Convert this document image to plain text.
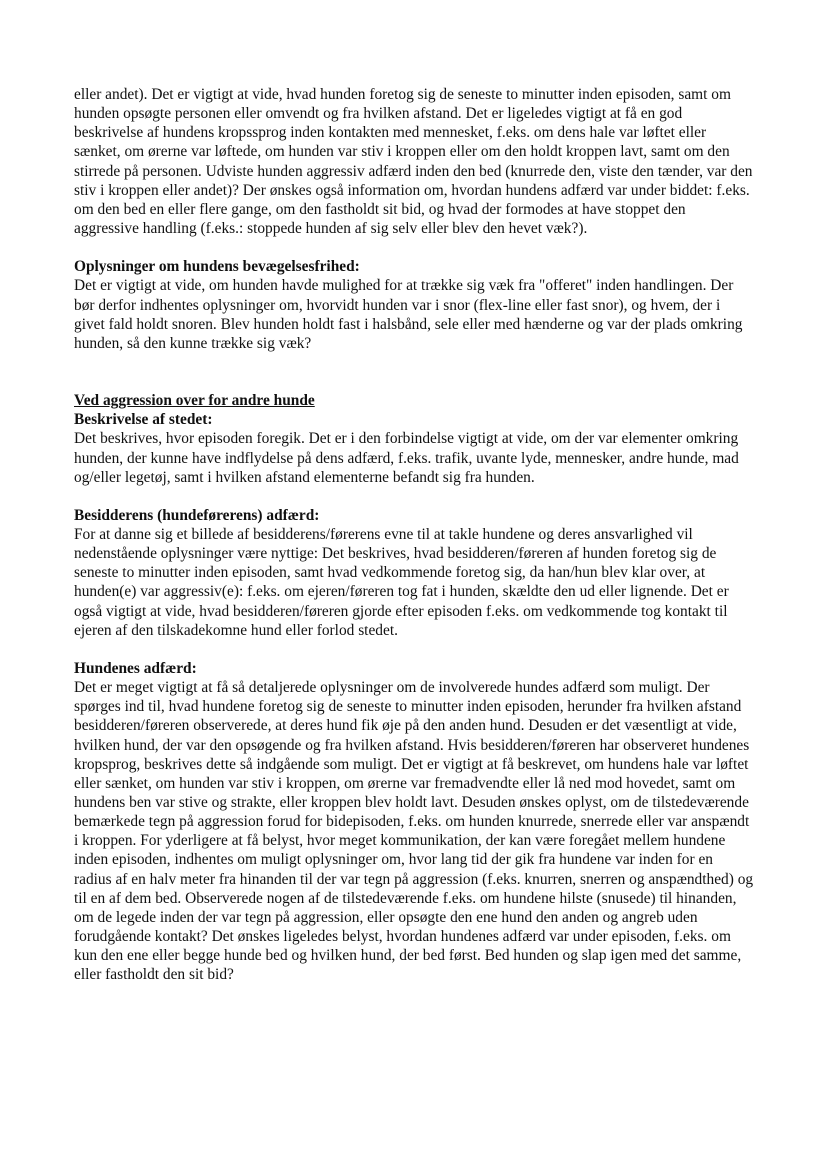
eller andet). Det er vigtigt at vide, hvad hunden foretog sig de seneste to minutter inden episoden, samt om hunden opsøgte personen eller omvendt og fra hvilken afstand. Det er ligeledes vigtigt at få en god beskrivelse af hundens kropssprog inden kontakten med mennesket, f.eks. om dens hale var løftet eller sænket, om ørerne var løftede, om hunden var stiv i kroppen eller om den holdt kroppen lavt, samt om den stirrede på personen. Udviste hunden aggressiv adfærd inden den bed (knurrede den, viste den tænder, var den stiv i kroppen eller andet)? Der ønskes også information om, hvordan hundens adfærd var under biddet: f.eks. om den bed en eller flere gange, om den fastholdt sit bid, og hvad der formodes at have stoppet den aggressive handling (f.eks.: stoppede hunden af sig selv eller blev den hevet væk?).

Oplysninger om hundens bevægelsesfrihed:

Det er vigtigt at vide, om hunden havde mulighed for at trække sig væk fra "offeret" inden handlingen. Der bør derfor indhentes oplysninger om, hvorvidt hunden var i snor (flex-line eller fast snor), og hvem, der i givet fald holdt snoren. Blev hunden holdt fast i halsbånd, sele eller med hænderne og var der plads omkring hunden, så den kunne trække sig væk?

Ved aggression over for andre hunde

Beskrivelse af stedet:

Det beskrives, hvor episoden foregik. Det er i den forbindelse vigtigt at vide, om der var elementer omkring hunden, der kunne have indflydelse på dens adfærd, f.eks. trafik, uvante lyde, mennesker, andre hunde, mad og/eller legetøj, samt i hvilken afstand elementerne befandt sig fra hunden.

Besidderens (hundeførerens) adfærd:

For at danne sig et billede af besidderens/førerens evne til at takle hundene og deres ansvarlighed vil nedenstående oplysninger være nyttige: Det beskrives, hvad besidderen/føreren af hunden foretog sig de seneste to minutter inden episoden, samt hvad vedkommende foretog sig, da han/hun blev klar over, at hunden(e) var aggressiv(e): f.eks. om ejeren/føreren tog fat i hunden, skældte den ud eller lignende. Det er også vigtigt at vide, hvad besidderen/føreren gjorde efter episoden f.eks. om vedkommende tog kontakt til ejeren af den tilskadekomne hund eller forlod stedet.

Hundenes adfærd:

Det er meget vigtigt at få så detaljerede oplysninger om de involverede hundes adfærd som muligt. Der spørges ind til, hvad hundene foretog sig de seneste to minutter inden episoden, herunder fra hvilken afstand besidderen/føreren observerede, at deres hund fik øje på den anden hund. Desuden er det væsentligt at vide, hvilken hund, der var den opsøgende og fra hvilken afstand. Hvis besidderen/føreren har observeret hundenes kropsprog, beskrives dette så indgående som muligt. Det er vigtigt at få beskrevet, om hundens hale var løftet eller sænket, om hunden var stiv i kroppen, om ørerne var fremadvendte eller lå ned mod hovedet, samt om hundens ben var stive og strakte, eller kroppen blev holdt lavt. Desuden ønskes oplyst, om de tilstedeværende bemærkede tegn på aggression forud for bidepisoden, f.eks. om hunden knurrede, snerrede eller var anspændt i kroppen. For yderligere at få belyst, hvor meget kommunikation, der kan være foregået mellem hundene inden episoden, indhentes om muligt oplysninger om, hvor lang tid der gik fra hundene var inden for en radius af en halv meter fra hinanden til der var tegn på aggression (f.eks. knurren, snerren og anspændthed) og til en af dem bed. Observerede nogen af de tilstedeværende f.eks. om hundene hilste (snusede) til hinanden, om de legede inden der var tegn på aggression, eller opsøgte den ene hund den anden og angreb uden forudgående kontakt? Det ønskes ligeledes belyst, hvordan hundenes adfærd var under episoden, f.eks. om kun den ene eller begge hunde bed og hvilken hund, der bed først. Bed hunden og slap igen med det samme, eller fastholdt den sit bid?
